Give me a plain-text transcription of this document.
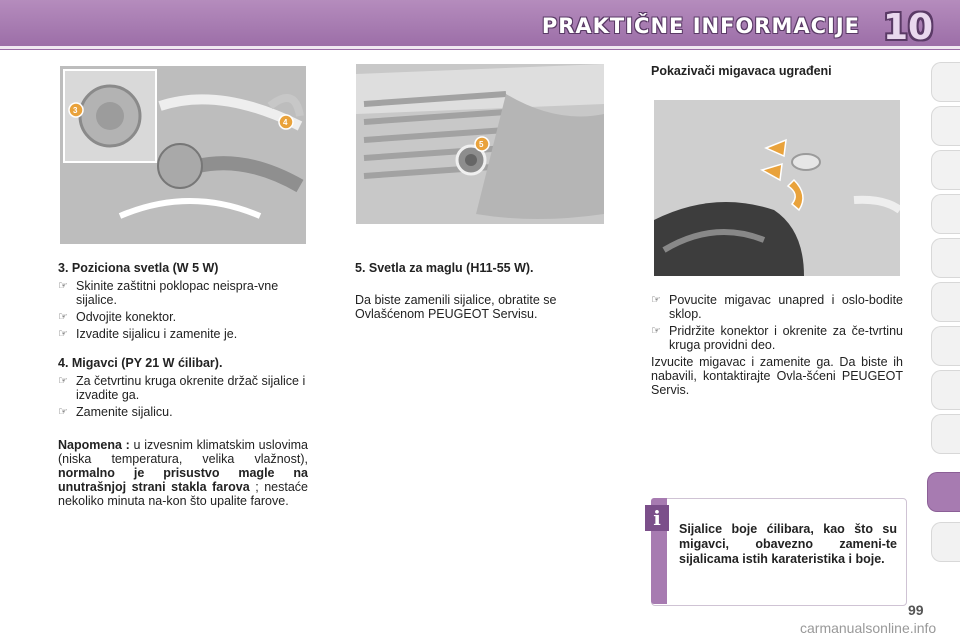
PRAKTIČNE INFORMACIJE 10
3
4
5

3. Poziciona svetla (W 5 W)

☞ Skinite zaštitni poklopac neispra-vne sijalice.

☞ Odvojite konektor.

☞ Izvadite sijalicu i zamenite je.

4. Migavci (PY 21 W ćilibar).

☞ Za četvrtinu kruga okrenite držač sijalice i izvadite ga.

☞ Zamenite sijalicu.

Napomena : u izvesnim klimatskim uslovima (niska temperatura, velika vlažnost), normalno je prisustvo magle na unutrašnjoj strani stakla farova ; nestaće nekoliko minuta na-kon što upalite farove.

5. Svetla za maglu (H11-55 W).

Da biste zamenili sijalice, obratite se Ovlašćenom PEUGEOT Servisu.

Pokazivači migavaca ugrađeni

☞ Povucite migavac unapred i oslo-bodite sklop.

☞ Pridržite konektor i okrenite za če-tvrtinu kruga providni deo.

Izvucite migavac i zamenite ga. Da biste ih nabavili, kontaktirajte Ovla-šćeni PEUGEOT Servis.

i	Sijalice boje ćilibara, kao što su migavci, obavezno zameni-te sijalicama istih karateristika i boje.
99
carmanualsonline.info
